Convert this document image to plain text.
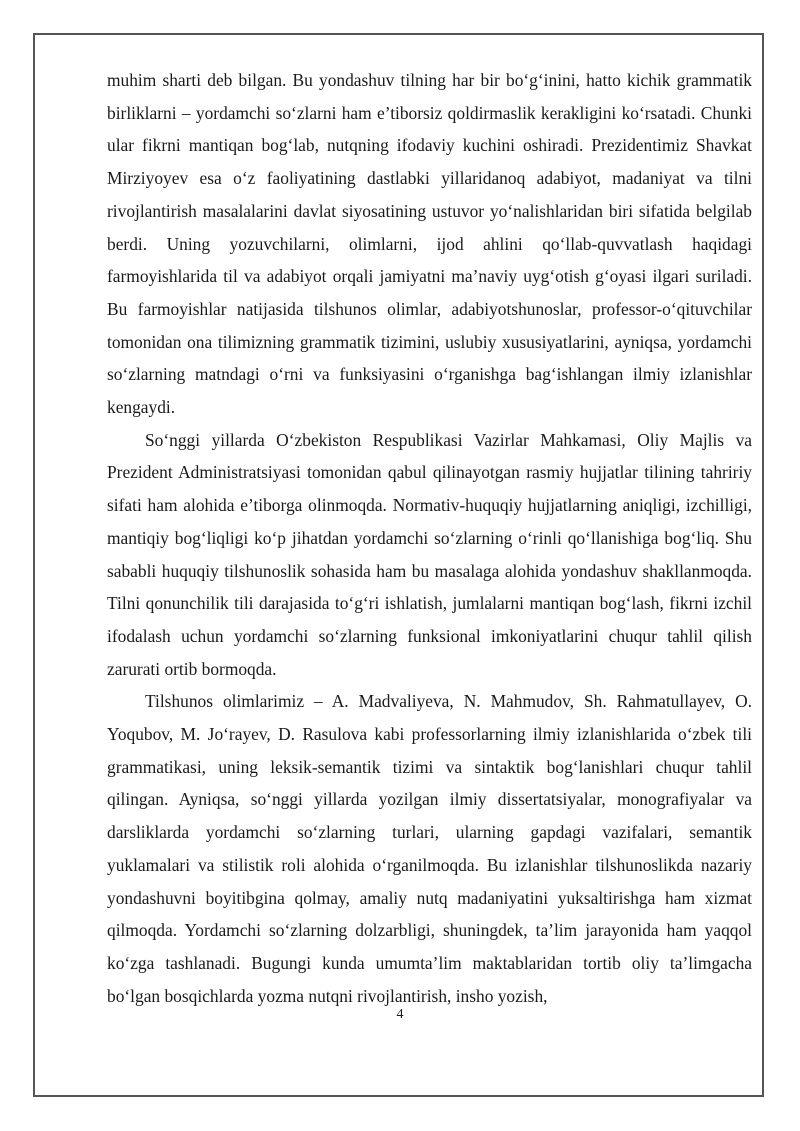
muhim sharti deb bilgan. Bu yondashuv tilning har bir bo‘g‘inini, hatto kichik grammatik birliklarni – yordamchi so‘zlarni ham e’tiborsiz qoldirmaslik kerakligini ko‘rsatadi. Chunki ular fikrni mantiqan bog‘lab, nutqning ifodaviy kuchini oshiradi. Prezidentimiz Shavkat Mirziyoyev esa o‘z faoliyatining dastlabki yillaridanoq adabiyot, madaniyat va tilni rivojlantirish masalalarini davlat siyosatining ustuvor yo‘nalishlaridan biri sifatida belgilab berdi. Uning yozuvchilarni, olimlarni, ijod ahlini qo‘llab-quvvatlash haqidagi farmoyishlarida til va adabiyot orqali jamiyatni ma’naviy uyg‘otish g‘oyasi ilgari suriladi. Bu farmoyishlar natijasida tilshunos olimlar, adabiyotshunoslar, professor-o‘qituvchilar tomonidan ona tilimizning grammatik tizimini, uslubiy xususiyatlarini, ayniqsa, yordamchi so‘zlarning matndagi o‘rni va funksiyasini o‘rganishga bag‘ishlangan ilmiy izlanishlar kengaydi.

So‘nggi yillarda O‘zbekiston Respublikasi Vazirlar Mahkamasi, Oliy Majlis va Prezident Administratsiyasi tomonidan qabul qilinayotgan rasmiy hujjatlar tilining tahririy sifati ham alohida e’tiborga olinmoqda. Normativ-huquqiy hujjatlarning aniqligi, izchilligi, mantiqiy bog‘liqligi ko‘p jihatdan yordamchi so‘zlarning o‘rinli qo‘llanishiga bog‘liq. Shu sababli huquqiy tilshunoslik sohasida ham bu masalaga alohida yondashuv shakllanmoqda. Tilni qonunchilik tili darajasida to‘g‘ri ishlatish, jumlalarni mantiqan bog‘lash, fikrni izchil ifodalash uchun yordamchi so‘zlarning funksional imkoniyatlarini chuqur tahlil qilish zarurati ortib bormoqda.

Tilshunos olimlarimiz – A. Madvaliyeva, N. Mahmudov, Sh. Rahmatullayev, O. Yoqubov, M. Jo‘rayev, D. Rasulova kabi professorlarning ilmiy izlanishlarida o‘zbek tili grammatikasi, uning leksik-semantik tizimi va sintaktik bog‘lanishlari chuqur tahlil qilingan. Ayniqsa, so‘nggi yillarda yozilgan ilmiy dissertatsiyalar, monografiyalar va darsliklarda yordamchi so‘zlarning turlari, ularning gapdagi vazifalari, semantik yuklamalari va stilistik roli alohida o‘rganilmoqda. Bu izlanishlar tilshunoslikda nazariy yondashuvni boyitibgina qolmay, amaliy nutq madaniyatini yuksaltirishga ham xizmat qilmoqda. Yordamchi so‘zlarning dolzarbligi, shuningdek, ta’lim jarayonida ham yaqqol ko‘zga tashlanadi. Bugungi kunda umumta’lim maktablaridan tortib oliy ta’limgacha bo‘lgan bosqichlarda yozma nutqni rivojlantirish, insho yozish,

4
